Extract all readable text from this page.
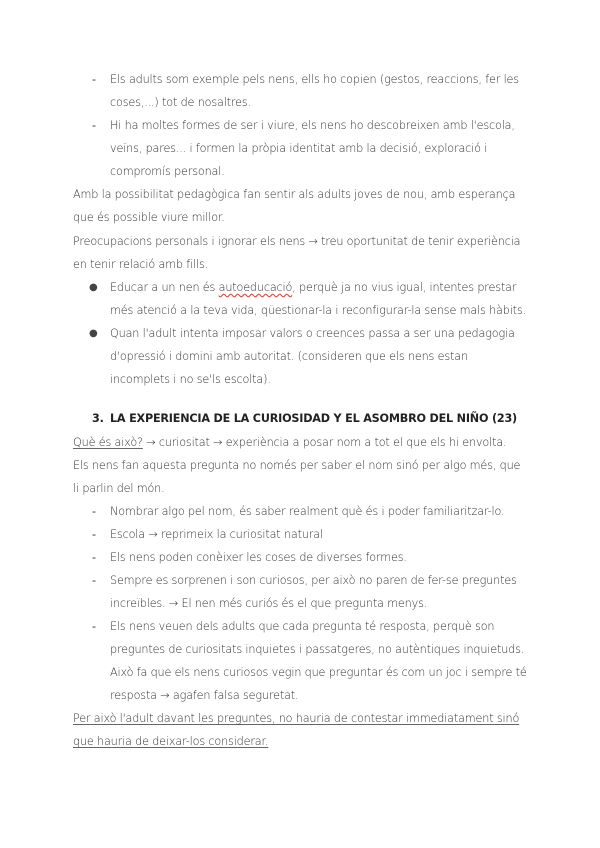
- Els adults som exemple pels nens, ells ho copien (gestos, reaccions, fer les
coses,...) tot de nosaltres.
- Hi ha moltes formes de ser i viure, els nens ho descobreixen amb l'escola,
veïns, pares... i formen la pròpia identitat amb la decisió, exploració i
compromís personal.
Amb la possibilitat pedagògica fan sentir als adults joves de nou, amb esperança
que és possible viure millor.
Preocupacions personals i ignorar els nens → treu oportunitat de tenir experiència
en tenir relació amb fills.
● Educar a un nen és autoeducació, perquè ja no vius igual, intentes prestar
més atenció a la teva vida, qüestionar-la i reconfigurar-la sense mals hàbits.
● Quan l'adult intenta imposar valors o creences passa a ser una pedagogia
d'opressió i domini amb autoritat. (consideren que els nens estan
incomplets i no se'ls escolta).
3. LA EXPERIENCIA DE LA CURIOSIDAD Y EL ASOMBRO DEL NIÑO (23)
Què és això? → curiositat → experiència a posar nom a tot el que els hi envolta.
Els nens fan aquesta pregunta no només per saber el nom sinó per algo més, que
li parlin del món.
- Nombrar algo pel nom, és saber realment què és i poder familiaritzar-lo.
- Escola → reprimeix la curiositat natural
- Els nens poden conèixer les coses de diverses formes.
- Sempre es sorprenen i son curiosos, per això no paren de fer-se preguntes
increïbles. → El nen més curiós és el que pregunta menys.
- Els nens veuen dels adults que cada pregunta té resposta, perquè son
preguntes de curiositats inquietes i passatgeres, no autèntiques inquietuds.
Això fa que els nens curiosos vegin que preguntar és com un joc i sempre té
resposta → agafen falsa seguretat.
Per això l'adult davant les preguntes, no hauria de contestar immediatament sinó
que hauria de deixar-los considerar.
